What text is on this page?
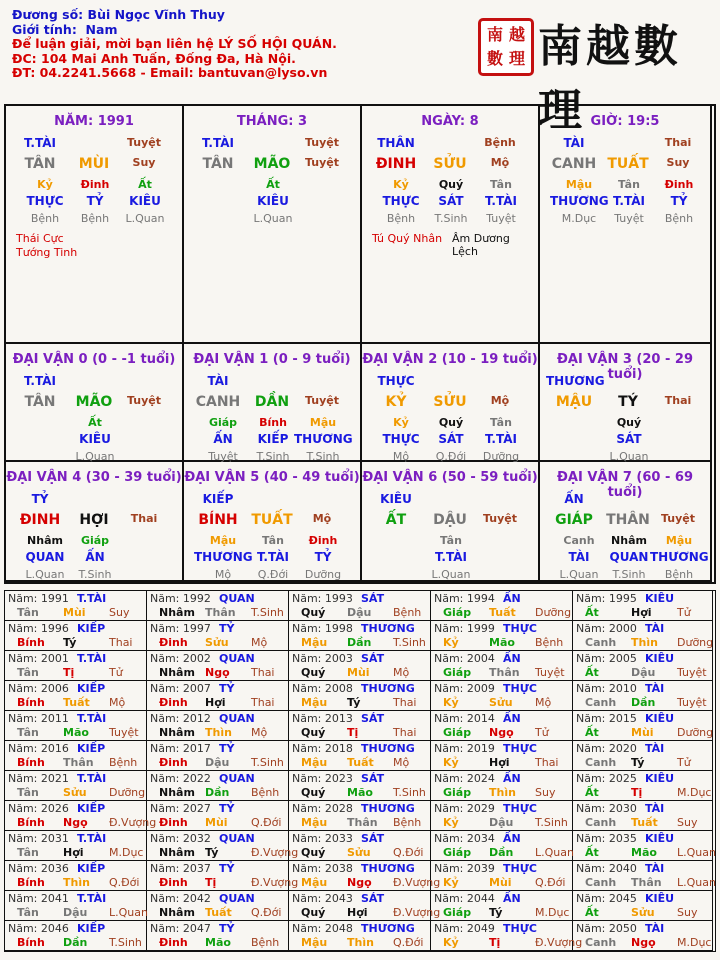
Đương số: Bùi Ngọc Vĩnh Thuy
Giới tính: Nam
Để luận giải, mời bạn liên hệ LÝ SỐ HỘI QUÁN.
ĐC: 104 Mai Anh Tuấn, Đống Đa, Hà Nội.
ĐT: 04.2241.5668 - Email: bantuvan@lyso.vn
南 越
數 理 南越數理
NĂM: 1991
T.TÀI	Tuyệt
TÂN	MÙI	Suy
Kỷ
THỰC
Bệnh
Đinh
TỶ
Bệnh
Ất
KIÊU
L.Quan
Thái Cực
Tướng Tinh
THÁNG: 3
T.TÀI	Tuyệt
TÂN	MÃO	Tuyệt
Ất
KIÊU
L.Quan
NGÀY: 8
THÂN	Bệnh
ĐINH	SỬU	Mộ
Kỷ
THỰC
Bệnh
Quý
SÁT
T.Sinh
Tân
T.TÀI
Tuyệt
Tú Quý Nhân Âm Dương Lệch
GIỜ: 19:5
TÀI	Thai
CANH TUẤT	Suy
Mậu
THƯƠNG
M.Dục
Tân
T.TÀI
Tuyệt
Đinh
TỶ
Bệnh
ĐẠI VẬN 0 (0 - -1 tuổi)
T.TÀI
TÂN	MÃO	Tuyệt
Ất
KIÊU
L.Quan
ĐẠI VẬN 1 (0 - 9 tuổi)
TÀI
CANH	DẦN	Tuyệt
Giáp
ẤN
Tuyệt
Bính
KIẾP
T.Sinh
Mậu
THƯƠNG
T.Sinh
ĐẠI VẬN 2 (10 - 19 tuổi)
THỰC
KỶ	SỬU	Mộ
Kỷ
THỰC
Mộ
Quý
SÁT
Q.Đới
Tân
T.TÀI
Dưỡng
ĐẠI VẬN 3 (20 - 29 tuổi)
THƯƠNG
MẬU	TÝ	Thai
Quý
SÁT
L.Quan
ĐẠI VẬN 4 (30 - 39 tuổi)
TỶ
ĐINH	HỢI	Thai
Nhâm
QUAN
L.Quan
Giáp
ẤN
T.Sinh
ĐẠI VẬN 5 (40 - 49 tuổi)
KIẾP
BÍNH TUẤT	Mộ
Mậu
THƯƠNG
Mộ
Tân
T.TÀI
Q.Đới
Đinh
TỶ
Dưỡng
ĐẠI VẬN 6 (50 - 59 tuổi)
KIÊU
ẤT	DẬU	Tuyệt
Tân
T.TÀI
L.Quan
ĐẠI VẬN 7 (60 - 69 tuổi)
ẤN
GIÁP THÂN	Tuyệt
Canh
TÀI
L.Quan
Nhâm
QUAN
T.Sinh
Mậu
THƯƠNG
Bệnh
Năm: 1991 T.TÀI
Tân Mùi Suy
Năm: 1992 QUAN
Nhâm Thân T.Sinh
Năm: 1993 SÁT
Quý Dậu Bệnh
Năm: 1994 ẤN
Giáp Tuất Dưỡng
Năm: 1995 KIÊU
Ất	Hợi Tử
Năm: 1996 KIẾP
Bính Tý	Thai
Năm: 1997 TỶ
Đinh Sửu Mộ
Năm: 1998 THƯƠNG
Mậu Dần T.Sinh
Năm: 1999 THỰC
Kỷ	Mão Bệnh
Năm: 2000 TÀI
Canh Thìn Dưỡng
Năm: 2001 T.TÀI
Tân Tị	Tử
Năm: 2002 QUAN
Nhâm Ngọ Thai
Năm: 2003 SÁT
Quý Mùi Mộ
Năm: 2004 ẤN
Giáp Thân Tuyệt
Năm: 2005 KIÊU
Ất	Dậu Tuyệt
Năm: 2006 KIẾP
Bính Tuất Mộ
Năm: 2007 TỶ
Đinh Hợi Thai
Năm: 2008 THƯƠNG
Mậu Tý	Thai
Năm: 2009 THỰC
Kỷ	Sửu Mộ
Năm: 2010 TÀI
Canh Dần Tuyệt
Năm: 2011 T.TÀI
Tân Mão Tuyệt
Năm: 2012 QUAN
Nhâm Thìn Mộ
Năm: 2013 SÁT
Quý Tị	Thai
Năm: 2014 ẤN
Giáp Ngọ Tử
Năm: 2015 KIÊU
Ất	Mùi Dưỡng
Năm: 2016 KIẾP
Bính Thân Bệnh
Năm: 2017 TỶ
Đinh Dậu T.Sinh
Năm: 2018 THƯƠNG
Mậu Tuất Mộ
Năm: 2019 THỰC
Kỷ	Hợi Thai
Năm: 2020 TÀI
Canh Tý	Tử
Năm: 2021 T.TÀI
Tân Sửu Dưỡng
Năm: 2022 QUAN
Nhâm Dần Bệnh
Năm: 2023 SÁT
Quý Mão T.Sinh
Năm: 2024 ẤN
Giáp Thìn Suy
Năm: 2025 KIÊU
Ất	Tị	M.Dục
Năm: 2026 KIẾP
Bính Ngọ Đ.Vượng
Năm: 2027 TỶ
Đinh Mùi Q.Đới
Năm: 2028 THƯƠNG
Mậu Thân Bệnh
Năm: 2029 THỰC
Kỷ	Dậu T.Sinh
Năm: 2030 TÀI
Canh Tuất Suy
Năm: 2031 T.TÀI
Tân Hợi M.Dục
Năm: 2032 QUAN
Nhâm Tý	Đ.Vượng
Năm: 2033 SÁT
Quý Sửu Q.Đới
Năm: 2034 ẤN
Giáp Dần L.Quan
Năm: 2035 KIÊU
Ất	Mão L.Quan
Năm: 2036 KIẾP
Bính Thìn Q.Đới
Năm: 2037 TỶ
Đinh Tị	Đ.Vượng
Năm: 2038 THƯƠNG
Mậu Ngọ Đ.Vượng
Năm: 2039 THỰC
Kỷ	Mùi Q.Đới
Năm: 2040 TÀI
Canh Thân L.Quan
Năm: 2041 T.TÀI
Tân Dậu L.Quan
Năm: 2042 QUAN
Nhâm Tuất Q.Đới
Năm: 2043 SÁT
Quý Hợi Đ.Vượng
Năm: 2044 ẤN
Giáp Tý	M.Dục
Năm: 2045 KIÊU
Ất	Sửu Suy
Năm: 2046 KIẾP
Bính Dần T.Sinh
Năm: 2047 TỶ
Đinh Mão Bệnh
Năm: 2048 THƯƠNG
Mậu Thìn Q.Đới
Năm: 2049 THỰC
Kỷ	Tị	Đ.Vượng
Năm: 2050 TÀI
Canh Ngọ M.Dục
